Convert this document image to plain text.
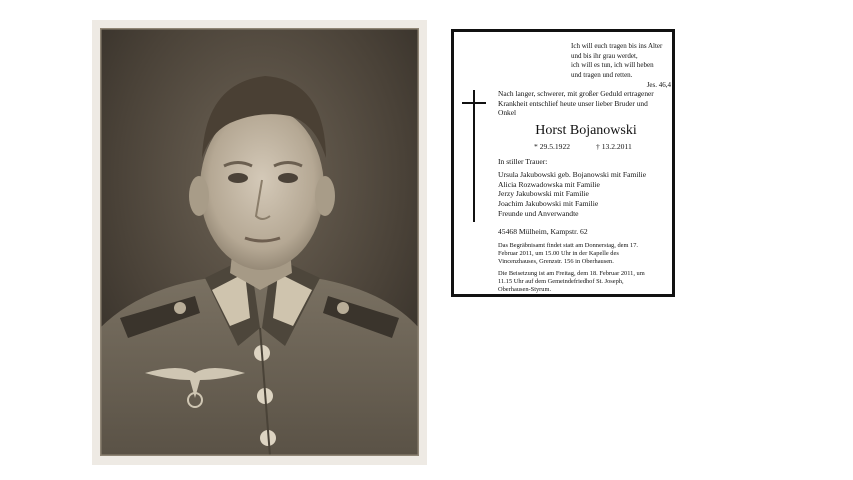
Ich will euch tragen bis ins Alter
und bis ihr grau werdet,
ich will es tun, ich will heben
und tragen und retten.
Jes. 46,4
Nach langer, schwerer, mit großer Geduld ertragener
Krankheit entschlief heute unser lieber Bruder und
Onkel
Horst Bojanowski
* 29.5.1922	† 13.2.2011
In stiller Trauer:
Ursula Jakubowski geb. Bojanowski mit Familie
Alicia Rozwadowska mit Familie
Jerzy Jakubowski mit Familie
Joachim Jakubowski mit Familie
Freunde und Anverwandte
45468 Mülheim, Kampstr. 62
Das Begräbnisamt findet statt am Donnerstag, dem 17.
Februar 2011, um 15.00 Uhr in der Kapelle des
Vincenzhauses, Grenzstr. 156 in Oberhausen.
Die Beisetzung ist am Freitag, dem 18. Februar 2011, um
11.15 Uhr auf dem Gemeindefriedhof St. Joseph,
Oberhausen-Styrum.
